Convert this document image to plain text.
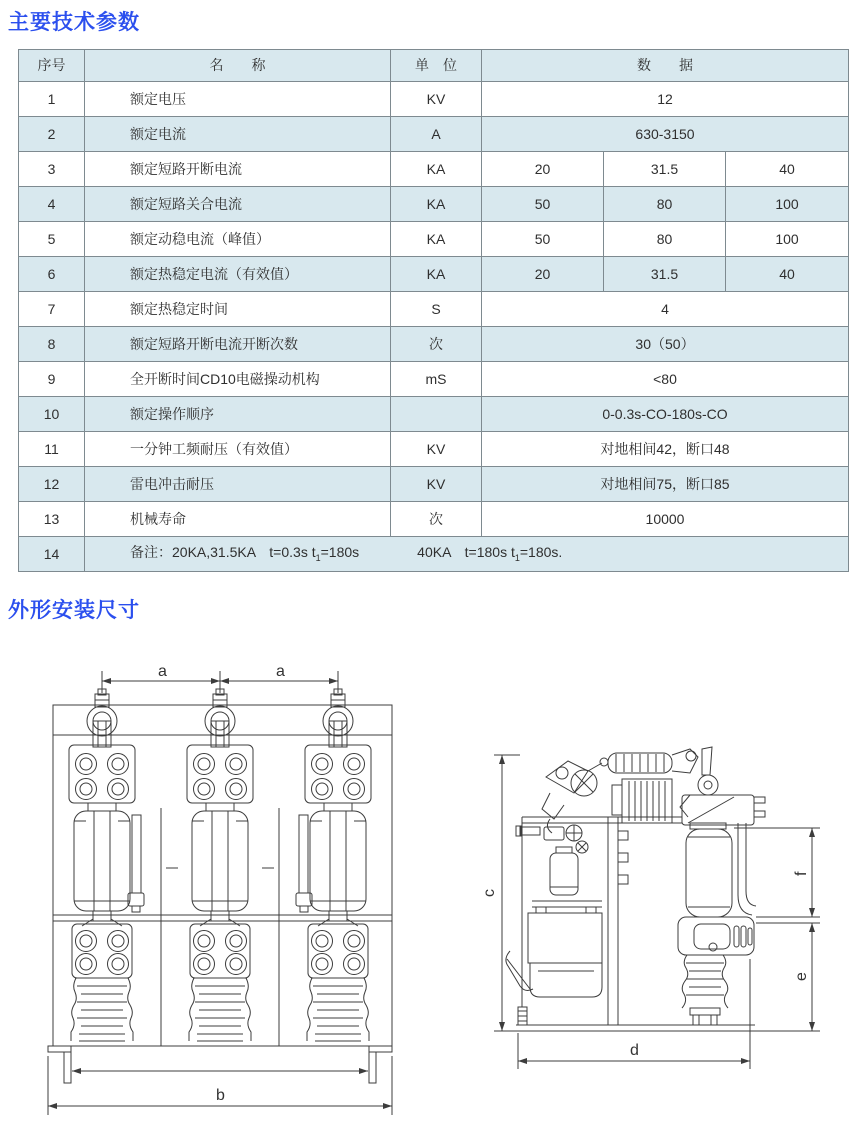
主要技术参数
序号	名　　称	单　位	数　　据		
1	额定电压	KV	12		
2	额定电流	A	630-3150		
3	额定短路开断电流	KA	20	31.5	40
4	额定短路关合电流	KA	50	80	100
5	额定动稳电流（峰值）	KA	50	80	100
6	额定热稳定电流（有效值）	KA	20	31.5	40
7	额定热稳定时间	S	4		
8	额定短路开断电流开断次数	次	30（50）		
9	全开断时间CD10电磁操动机构	mS	<80		
10	额定操作顺序		0-0.3s-CO-180s-CO		
11	一分钟工频耐压（有效值）	KV	对地相间42，断口48		
12	雷电冲击耐压	KV	对地相间75，断口85		
13	机械寿命	次	10000		
14	备注：20KA,31.5KA　t=0.3s $t_1=180s$ 40KA　t=180s $t_1=180s$.				
外形安装尺寸
a	a
b
c
f
e
d
